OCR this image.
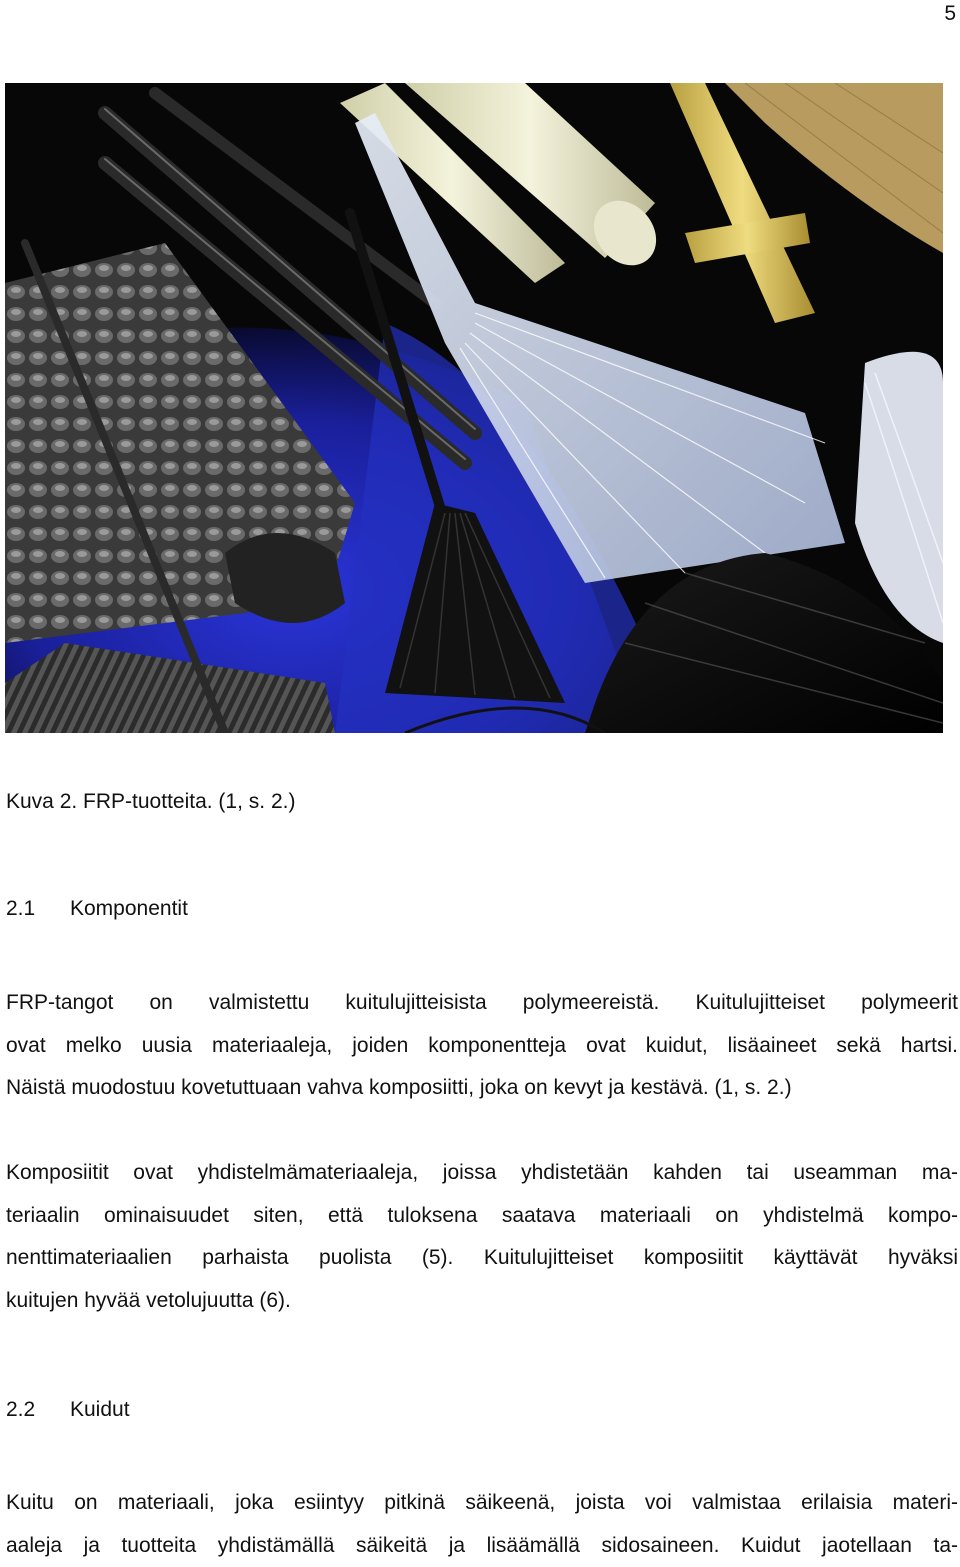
5
Kuva 2. FRP-tuotteita. (1, s. 2.)
2.1	Komponentit

FRP-tangot on valmistettu kuitulujitteisista polymeereistä. Kuitulujitteiset polymeerit
ovat melko uusia materiaaleja, joiden komponentteja ovat kuidut, lisäaineet sekä hartsi.
Näistä muodostuu kovetuttuaan vahva komposiitti, joka on kevyt ja kestävä. (1, s. 2.)

Komposiitit ovat yhdistelmämateriaaleja, joissa yhdistetään kahden tai useamman ma-
teriaalin ominaisuudet siten, että tuloksena saatava materiaali on yhdistelmä kompo-
nenttimateriaalien parhaista puolista (5). Kuitulujitteiset komposiitit käyttävät hyväksi
kuitujen hyvää vetolujuutta (6).

2.2	Kuidut

Kuitu on materiaali, joka esiintyy pitkinä säikeenä, joista voi valmistaa erilaisia materi-
aaleja ja tuotteita yhdistämällä säikeitä ja lisäämällä sidosaineen. Kuidut jaotellaan ta-
